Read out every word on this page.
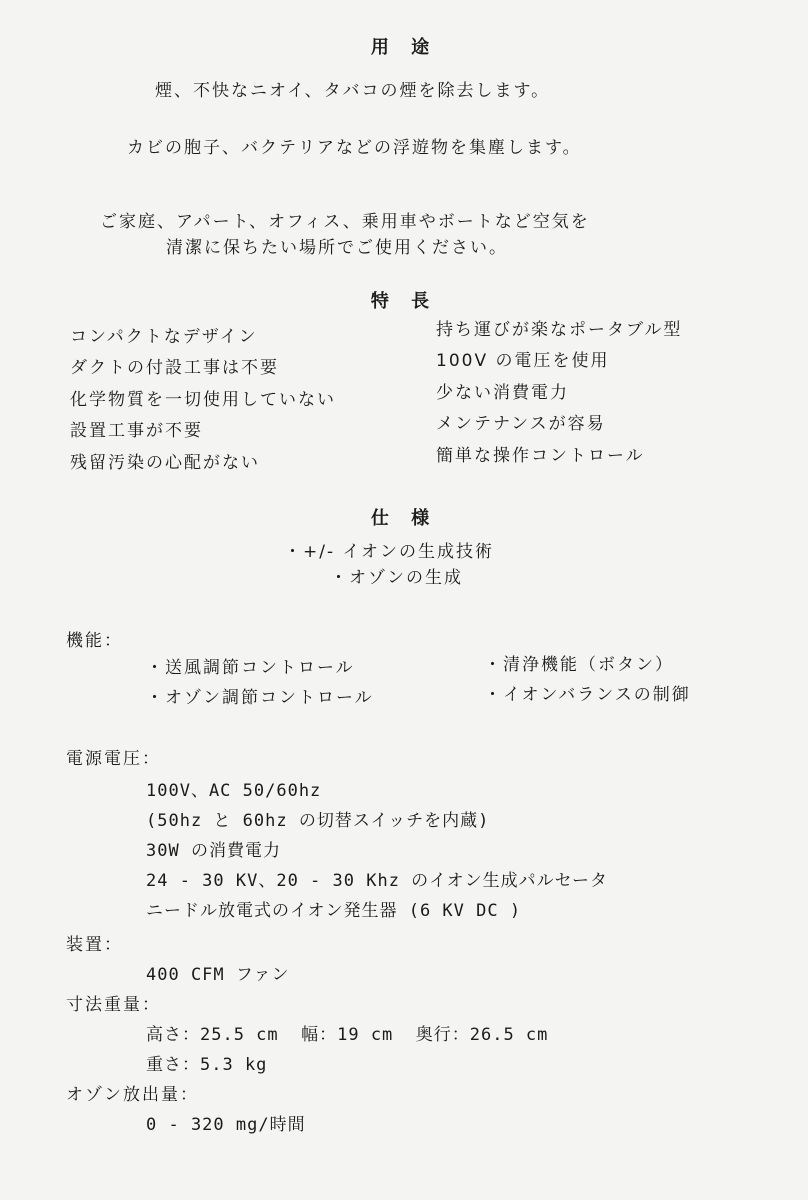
用 途
煙、不快なニオイ、タバコの煙を除去します。
カビの胞子、バクテリアなどの浮遊物を集塵します。
ご家庭、アパート、オフィス、乗用車やボートなど空気を
清潔に保ちたい場所でご使用ください。
特 長
コンパクトなデザイン
ダクトの付設工事は不要
化学物質を一切使用していない
設置工事が不要
残留汚染の心配がない
持ち運びが楽なポータブル型
100V の電圧を使用
少ない消費電力
メンテナンスが容易
簡単な操作コントロール
仕 様
・+/- イオンの生成技術
・オゾンの生成
機能：
・送風調節コントロール	・清浄機能（ボタン）
・オゾン調節コントロール	・イオンバランスの制御
電源電圧：
100V、AC 50/60hz
(50hz と 60hz の切替スイッチを内蔵)
30W の消費電力
24 - 30 KV、20 - 30 Khz のイオン生成パルセータ
ニードル放電式のイオン発生器 (6 KV DC )
装置：
400 CFM ファン
寸法重量：
高さ：25.5 cm  幅：19 cm  奥行：26.5 cm
重さ：5.3 kg
オゾン放出量：
0 - 320 mg/時間
